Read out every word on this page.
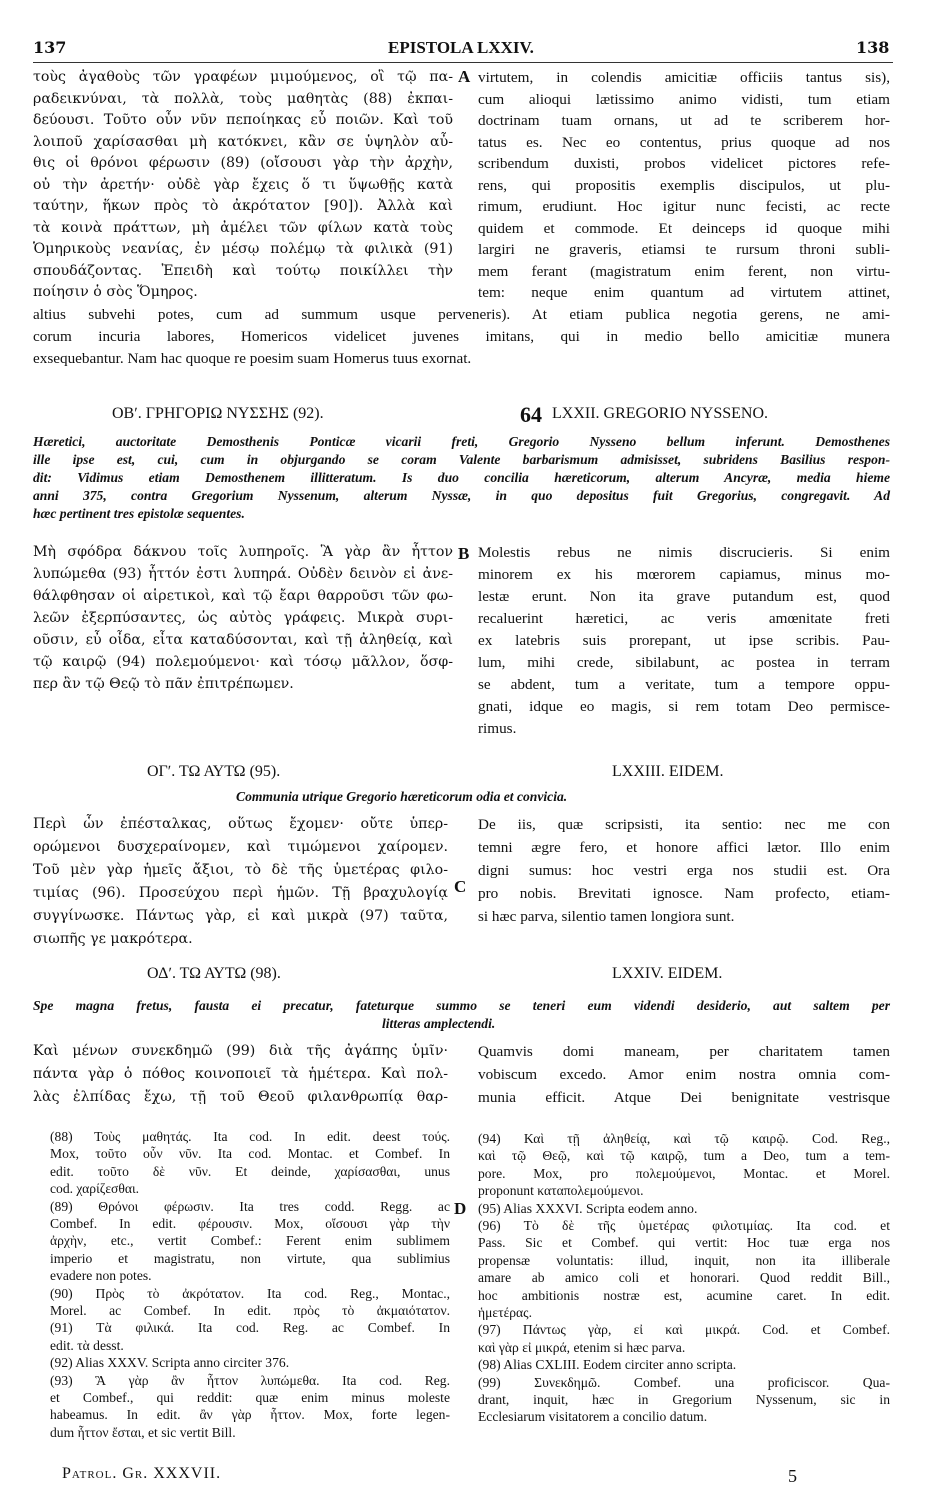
137	EPISTOLA LXXIV.	138
τοὺς ἀγαθοὺς τῶν γραφέων μιμούμενος, οἳ τῷ πα-
ραδεικνύναι, τὰ πολλὰ, τοὺς μαθητὰς (88) ἐκπαι-
δεύουσι. Τοῦτο οὖν νῦν πεποίηκας εὖ ποιῶν. Καὶ τοῦ
λοιποῦ χαρίσασθαι μὴ κατόκνει, κἂν σε ὑψηλὸν αὖ-
θις οἱ θρόνοι φέρωσιν (89) (οἴσουσι γὰρ τὴν ἀρχὴν,
οὐ τὴν ἀρετήν· οὐδὲ γὰρ ἔχεις ὅ τι ὕψωθῇς κατὰ
ταύτην, ἥκων πρὸς τὸ ἀκρότατον [90]). Ἀλλὰ καὶ
τὰ κοινὰ πράττων, μὴ ἀμέλει τῶν φίλων κατὰ τοὺς
Ὁμηρικοὺς νεανίας, ἐν μέσῳ πολέμῳ τὰ φιλικὰ (91)
σπουδάζοντας. Ἐπειδὴ καὶ τούτῳ ποικίλλει τὴν
ποίησιν ὁ σὸς Ὅμηρος.
virtutem, in colendis amicitiæ officiis tantus sis),
cum alioqui lætissimo animo vidisti, tum etiam
doctrinam tuam ornans, ut ad te scriberem hor-
tatus es. Nec eo contentus, prius quoque ad nos
scribendum duxisti, probos videlicet pictores refe-
rens, qui propositis exemplis discipulos, ut plu-
rimum, erudiunt. Hoc igitur nunc fecisti, ac recte
quidem et commode. Et deinceps id quoque mihi
largiri ne graveris, etiamsi te rursum throni subli-
mem ferant (magistratum enim ferent, non virtu-
tem: neque enim quantum ad virtutem attinet,
altius subvehi potes, cum ad summum usque perveneris). At etiam publica negotia gerens, ne ami-
corum incuria labores, Homericos videlicet juvenes imitans, qui in medio bello amicitiæ munera
exsequebantur. Nam hac quoque re poesim suam Homerus tuus exornat.
A
B
C
D
ΟΒʹ. ΓΡΗΓΟΡΙΩ ΝΥΣΣΗΣ (92).	64 LXXII. GREGORIO NYSSENO.
Hæretici, auctoritate Demosthenis Ponticæ vicarii freti, Gregorio Nysseno bellum inferunt. Demosthenes
ille ipse est, cui, cum in objurgando se coram Valente barbarismum admisisset, subridens Basilius respon-
dit: Vidimus etiam Demosthenem illitteratum. Is duo concilia hæreticorum, alterum Ancyræ, media hieme
anni 375, contra Gregorium Nyssenum, alterum Nyssæ, in quo depositus fuit Gregorius, congregavit. Ad
hæc pertinent tres epistolæ sequentes.
Μὴ σφόδρα δάκνου τοῖς λυπηροῖς. Ἃ γὰρ ἂν ἧττον
λυπώμεθα (93) ἧττόν ἐστι λυπηρά. Οὐδὲν δεινὸν εἰ ἀνε-
θάλφθησαν οἱ αἱρετικοὶ, καὶ τῷ ἔαρι θαρροῦσι τῶν φω-
λεῶν ἐξερπύσαντες, ὡς αὐτὸς γράφεις. Μικρὰ συρι-
οῦσιν, εὖ οἶδα, εἶτα καταδύσονται, καὶ τῇ ἀληθείᾳ, καὶ
τῷ καιρῷ (94) πολεμούμενοι· καὶ τόσῳ μᾶλλον, ὅσφ-
περ ἂν τῷ Θεῷ τὸ πᾶν ἐπιτρέπωμεν.
Molestis rebus ne nimis discrucieris. Si enim
minorem ex his mœrorem capiamus, minus mo-
lestæ erunt. Non ita grave putandum est, quod
recaluerint hæretici, ac veris amœnitate freti
ex latebris suis prorepant, ut ipse scribis. Pau-
lum, mihi crede, sibilabunt, ac postea in terram
se abdent, tum a veritate, tum a tempore oppu-
gnati, idque eo magis, si rem totam Deo permisce-
rimus.
ΟΓʹ. ΤΩ ΑΥΤΩ (95).	LXXIII. EIDEM.
Communia utrique Gregorio hæreticorum odia et convicia.
Περὶ ὧν ἐπέσταλκας, οὕτως ἔχομεν· οὔτε ὑπερ-
ορώμενοι δυσχεραίνομεν, καὶ τιμώμενοι χαίρομεν.
Τοῦ μὲν γὰρ ἡμεῖς ἄξιοι, τὸ δὲ τῆς ὑμετέρας φιλο-
τιμίας (96). Προσεύχου περὶ ἡμῶν. Τῇ βραχυλογίᾳ
συγγίνωσκε. Πάντως γὰρ, εἰ καὶ μικρὰ (97) ταῦτα,
σιωπῆς γε μακρότερα.
De iis, quæ scripsisti, ita sentio: nec me con
temni ægre fero, et honore affici lætor. Illo enim
digni sumus: hoc vestri erga nos studii est. Ora
pro nobis. Brevitati ignosce. Nam profecto, etiam-
si hæc parva, silentio tamen longiora sunt.
ΟΔʹ. ΤΩ ΑΥΤΩ (98).	LXXIV. EIDEM.
Spe magna fretus, fausta ei precatur, fateturque summo se teneri eum videndi desiderio, aut saltem per
litteras amplectendi.
Καὶ μένων συνεκδημῶ (99) διὰ τῆς ἀγάπης ὑμῖν·
πάντα γὰρ ὁ πόθος κοινοποιεῖ τὰ ἡμέτερα. Καὶ πολ-
λὰς ἐλπίδας ἔχω, τῇ τοῦ Θεοῦ φιλανθρωπίᾳ θαρ-
Quamvis domi maneam, per charitatem tamen
vobiscum excedo. Amor enim nostra omnia com-
munia efficit. Atque Dei benignitate vestrisque
(88) Τοὺς μαθητάς. Ita cod. In edit. deest τούς.
Mox, τοῦτο οὖν νῦν. Ita cod. Montac. et Combef. In
edit. τοῦτο δὲ νῦν. Et deinde, χαρίσασθαι, unus
cod. χαρίζεσθαι.
(89) Θρόνοι φέρωσιν. Ita tres codd. Regg. ac
Combef. In edit. φέρουσιν. Mox, οἴσουσι γὰρ τὴν
ἀρχὴν, etc., vertit Combef.: Ferent enim sublimem
imperio et magistratu, non virtute, qua sublimius
evadere non potes.
(90) Πρὸς τὸ ἀκρότατον. Ita cod. Reg., Montac.,
Morel. ac Combef. In edit. πρὸς τὸ ἀκμαιότατον.
(91) Τὰ φιλικά. Ita cod. Reg. ac Combef. In
edit. τὰ desst.
(92) Alias XXXV. Scripta anno circiter 376.
(93) Ἃ γὰρ ἂν ἧττον λυπώμεθα. Ita cod. Reg.
et Combef., qui reddit: quæ enim minus moleste
habeamus. In edit. ἂν γὰρ ἧττον. Mox, forte legen-
dum ἧττον ἔσται, et sic vertit Bill.
(94) Καὶ τῇ ἀληθείᾳ, καὶ τῷ καιρῷ. Cod. Reg.,
καὶ τῷ Θεῷ, καὶ τῷ καιρῷ, tum a Deo, tum a tem-
pore. Mox, pro πολεμούμενοι, Montac. et Morel.
proponunt καταπολεμούμενοι.
(95) Alias XXXVI. Scripta eodem anno.
(96) Τὸ δὲ τῆς ὑμετέρας φιλοτιμίας. Ita cod. et
Pass. Sic et Combef. qui vertit: Hoc tuæ erga nos
propensæ voluntatis: illud, inquit, non ita illiberale
amare ab amico coli et honorari. Quod reddit Bill.,
hoc ambitionis nostræ est, acumine caret. In edit.
ἡμετέρας.
(97) Πάντως γὰρ, εἰ καὶ μικρά. Cod. et Combef.
καὶ γὰρ εἰ μικρά, etenim si hæc parva.
(98) Alias CXLIII. Eodem circiter anno scripta.
(99) Συνεκδημῶ. Combef. una proficiscor. Qua-
drant, inquit, hæc in Gregorium Nyssenum, sic in
Ecclesiarum visitatorem a concilio datum.
Patrol. Gr. XXXVII.	5
